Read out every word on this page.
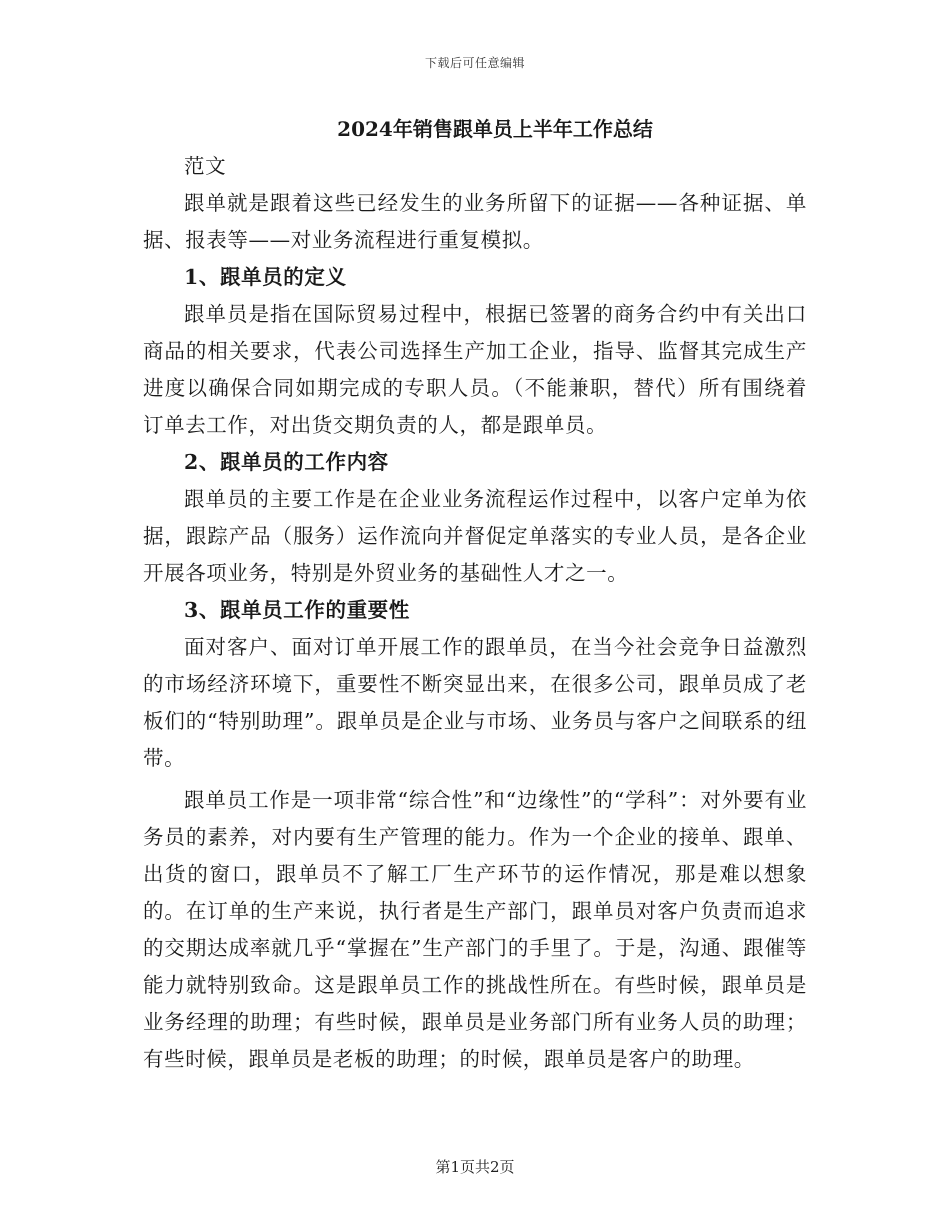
下载后可任意编辑
2024年销售跟单员上半年工作总结

范文

跟单就是跟着这些已经发生的业务所留下的证据——各种证据、单据、报表等——对业务流程进行重复模拟。

1、跟单员的定义

跟单员是指在国际贸易过程中，根据已签署的商务合约中有关出口商品的相关要求，代表公司选择生产加工企业，指导、监督其完成生产进度以确保合同如期完成的专职人员。（不能兼职，替代）所有围绕着订单去工作，对出货交期负责的人，都是跟单员。

2、跟单员的工作内容

跟单员的主要工作是在企业业务流程运作过程中，以客户定单为依据，跟踪产品（服务）运作流向并督促定单落实的专业人员，是各企业开展各项业务，特别是外贸业务的基础性人才之一。

3、跟单员工作的重要性

面对客户、面对订单开展工作的跟单员，在当今社会竞争日益激烈的市场经济环境下，重要性不断突显出来，在很多公司，跟单员成了老板们的“特别助理”。跟单员是企业与市场、业务员与客户之间联系的纽带。

跟单员工作是一项非常“综合性”和“边缘性”的“学科”：对外要有业务员的素养，对内要有生产管理的能力。作为一个企业的接单、跟单、出货的窗口，跟单员不了解工厂生产环节的运作情况，那是难以想象的。在订单的生产来说，执行者是生产部门，跟单员对客户负责而追求的交期达成率就几乎“掌握在”生产部门的手里了。于是，沟通、跟催等能力就特别致命。这是跟单员工作的挑战性所在。有些时候，跟单员是业务经理的助理；有些时候，跟单员是业务部门所有业务人员的助理；有些时候，跟单员是老板的助理；的时候，跟单员是客户的助理。

第1页共2页
